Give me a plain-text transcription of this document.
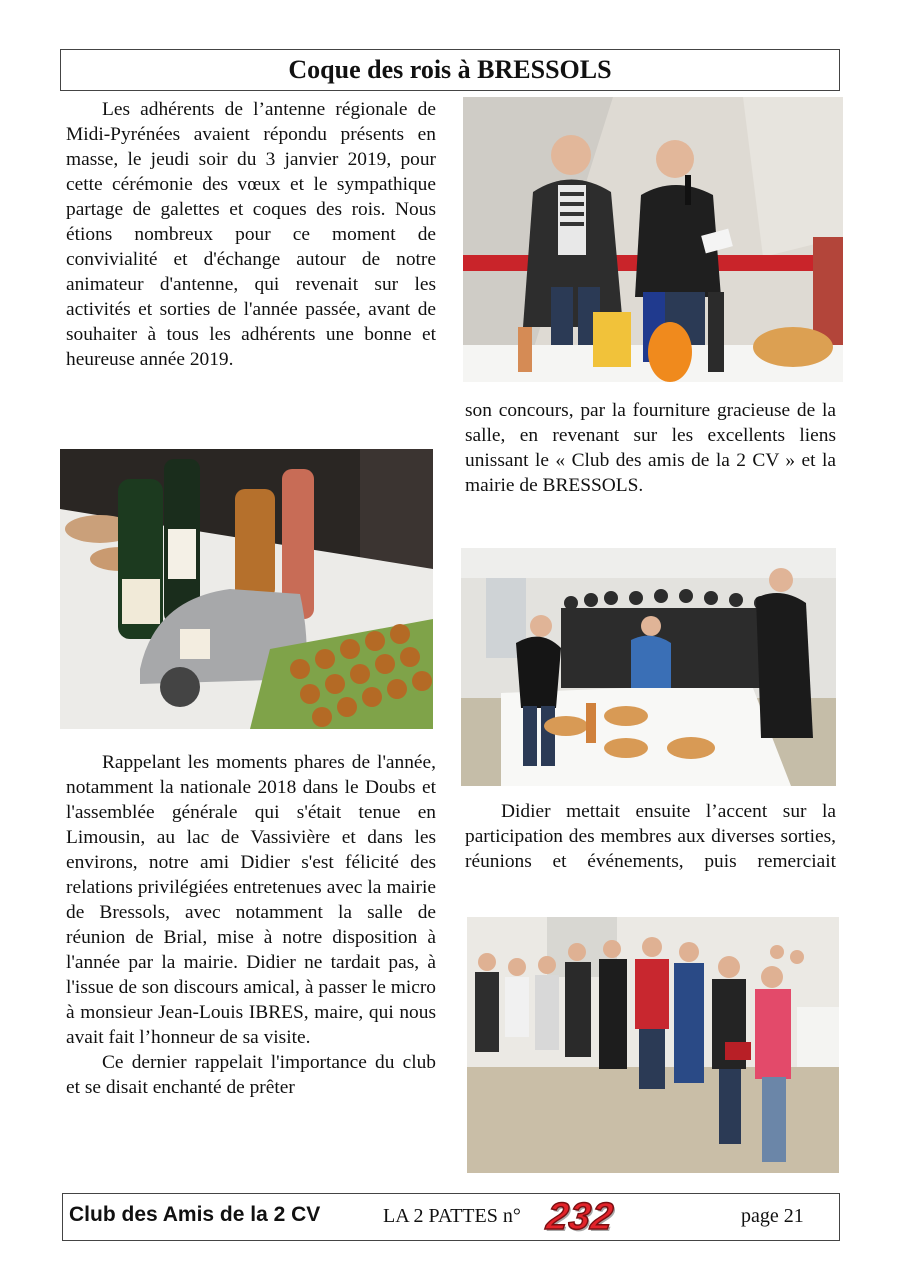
Coque des rois à BRESSOLS

Les adhérents de l’antenne régionale de Midi-Pyrénées avaient répondu présents en masse, le jeudi soir du 3 janvier 2019, pour cette cérémonie des vœux et le sympathique partage de galettes et coques des rois. Nous étions nombreux pour ce moment de convivialité et d'échange autour de notre animateur d'antenne, qui revenait sur les activités et sorties de l'année passée, avant de souhaiter à tous les adhérents une bonne et heureuse année 2019.

Rappelant les moments phares de l'année, notamment la nationale 2018 dans le Doubs et l'assemblée générale qui s'était tenue en Limousin, au lac de Vassivière et dans les environs, notre ami Didier s'est félicité des relations privilégiées entretenues avec la mairie de Bressols, avec notamment la salle de réunion de Brial, mise à notre disposition à l'année par la mairie. Didier ne tardait pas, à l'issue de son discours amical, à passer le micro à monsieur Jean-Louis IBRES, maire, qui nous avait fait l’honneur de sa visite.

Ce dernier rappelait l'importance du club et se disait enchanté de prêter

son concours, par la fourniture gracieuse de la salle, en revenant sur les excellents liens unissant le « Club des amis de la 2 CV » et la mairie de BRESSOLS.

Didier mettait ensuite l’accent sur la participation des membres aux diverses sorties, réunions et événements, puis remerciait

Club des Amis de la 2 CV	LA 2 PATTES n° 232	page 21
